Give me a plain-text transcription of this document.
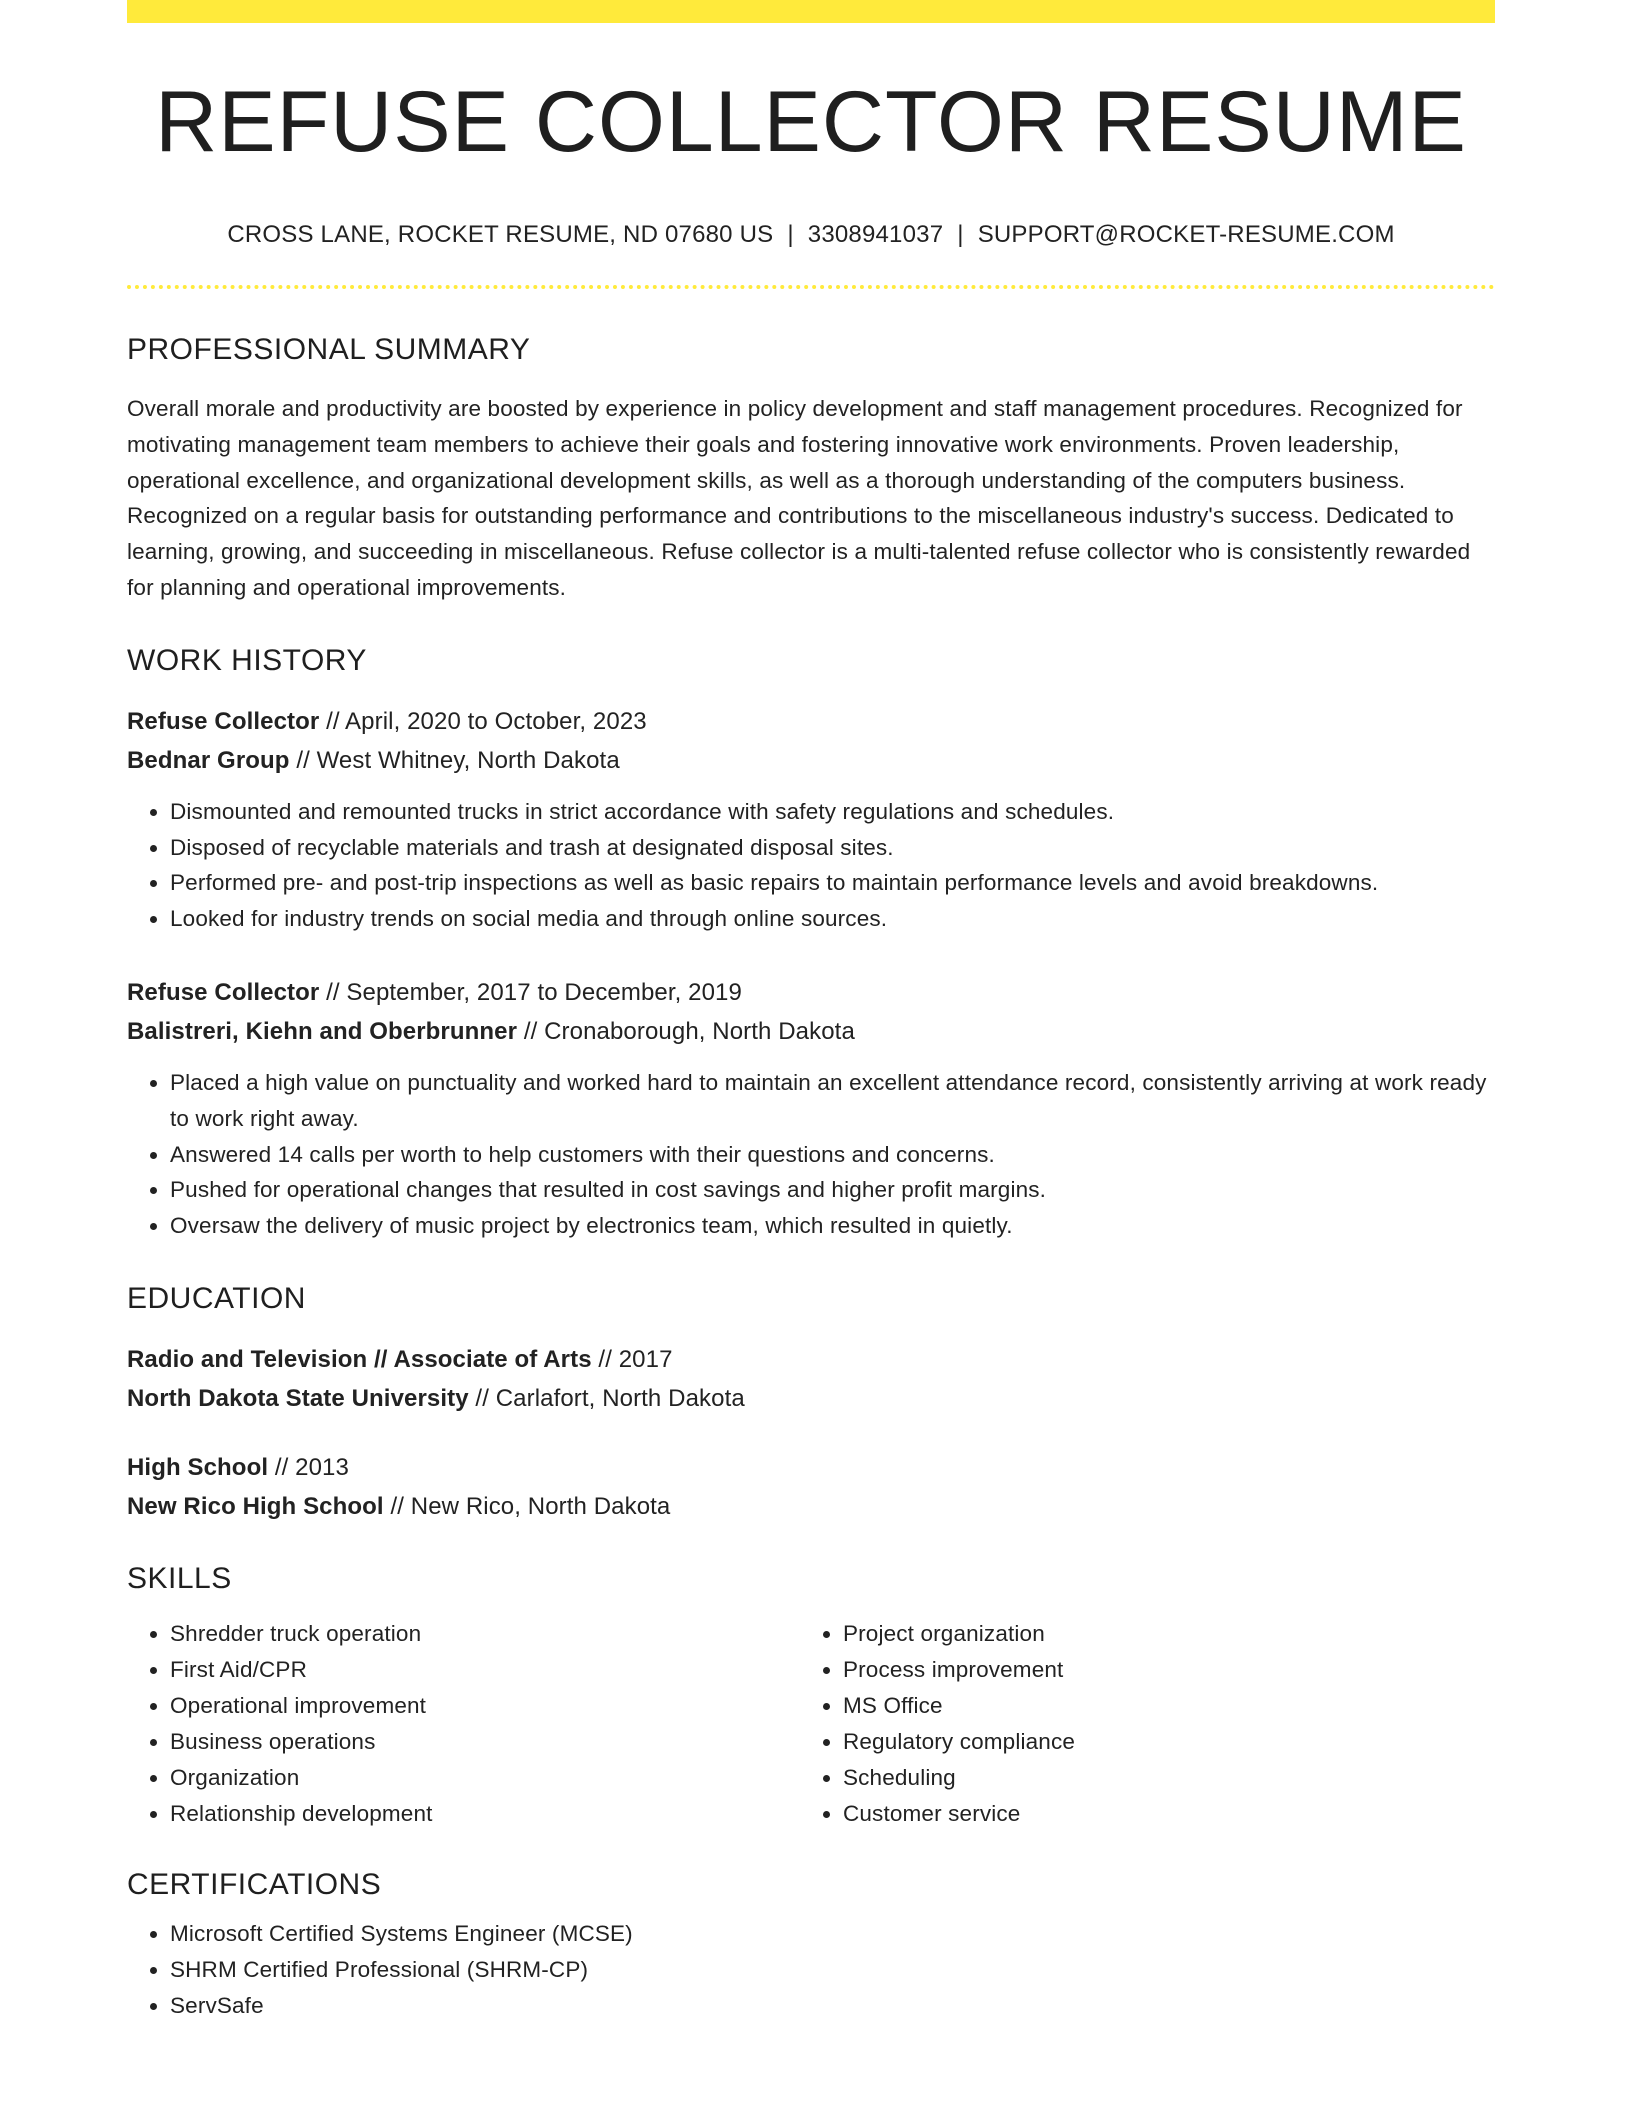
REFUSE COLLECTOR RESUME
CROSS LANE, ROCKET RESUME, ND 07680 US | 3308941037 | SUPPORT@ROCKET-RESUME.COM
PROFESSIONAL SUMMARY

Overall morale and productivity are boosted by experience in policy development and staff management procedures. Recognized for motivating management team members to achieve their goals and fostering innovative work environments. Proven leadership, operational excellence, and organizational development skills, as well as a thorough understanding of the computers business. Recognized on a regular basis for outstanding performance and contributions to the miscellaneous industry's success. Dedicated to learning, growing, and succeeding in miscellaneous. Refuse collector is a multi-talented refuse collector who is consistently rewarded for planning and operational improvements.

WORK HISTORY
Refuse Collector // April, 2020 to October, 2023
Bednar Group // West Whitney, North Dakota
• Dismounted and remounted trucks in strict accordance with safety regulations and schedules.
• Disposed of recyclable materials and trash at designated disposal sites.
• Performed pre- and post-trip inspections as well as basic repairs to maintain performance levels and avoid breakdowns.
• Looked for industry trends on social media and through online sources.
Refuse Collector // September, 2017 to December, 2019
Balistreri, Kiehn and Oberbrunner // Cronaborough, North Dakota
• Placed a high value on punctuality and worked hard to maintain an excellent attendance record, consistently arriving at work ready to work right away.
• Answered 14 calls per worth to help customers with their questions and concerns.
• Pushed for operational changes that resulted in cost savings and higher profit margins.
• Oversaw the delivery of music project by electronics team, which resulted in quietly.
EDUCATION
Radio and Television // Associate of Arts // 2017
North Dakota State University // Carlafort, North Dakota
High School // 2013
New Rico High School // New Rico, North Dakota
SKILLS
• Shredder truck operation
• First Aid/CPR
• Operational improvement
• Business operations
• Organization
• Relationship development
• Project organization
• Process improvement
• MS Office
• Regulatory compliance
• Scheduling
• Customer service
CERTIFICATIONS
• Microsoft Certified Systems Engineer (MCSE)
• SHRM Certified Professional (SHRM-CP)
• ServSafe
